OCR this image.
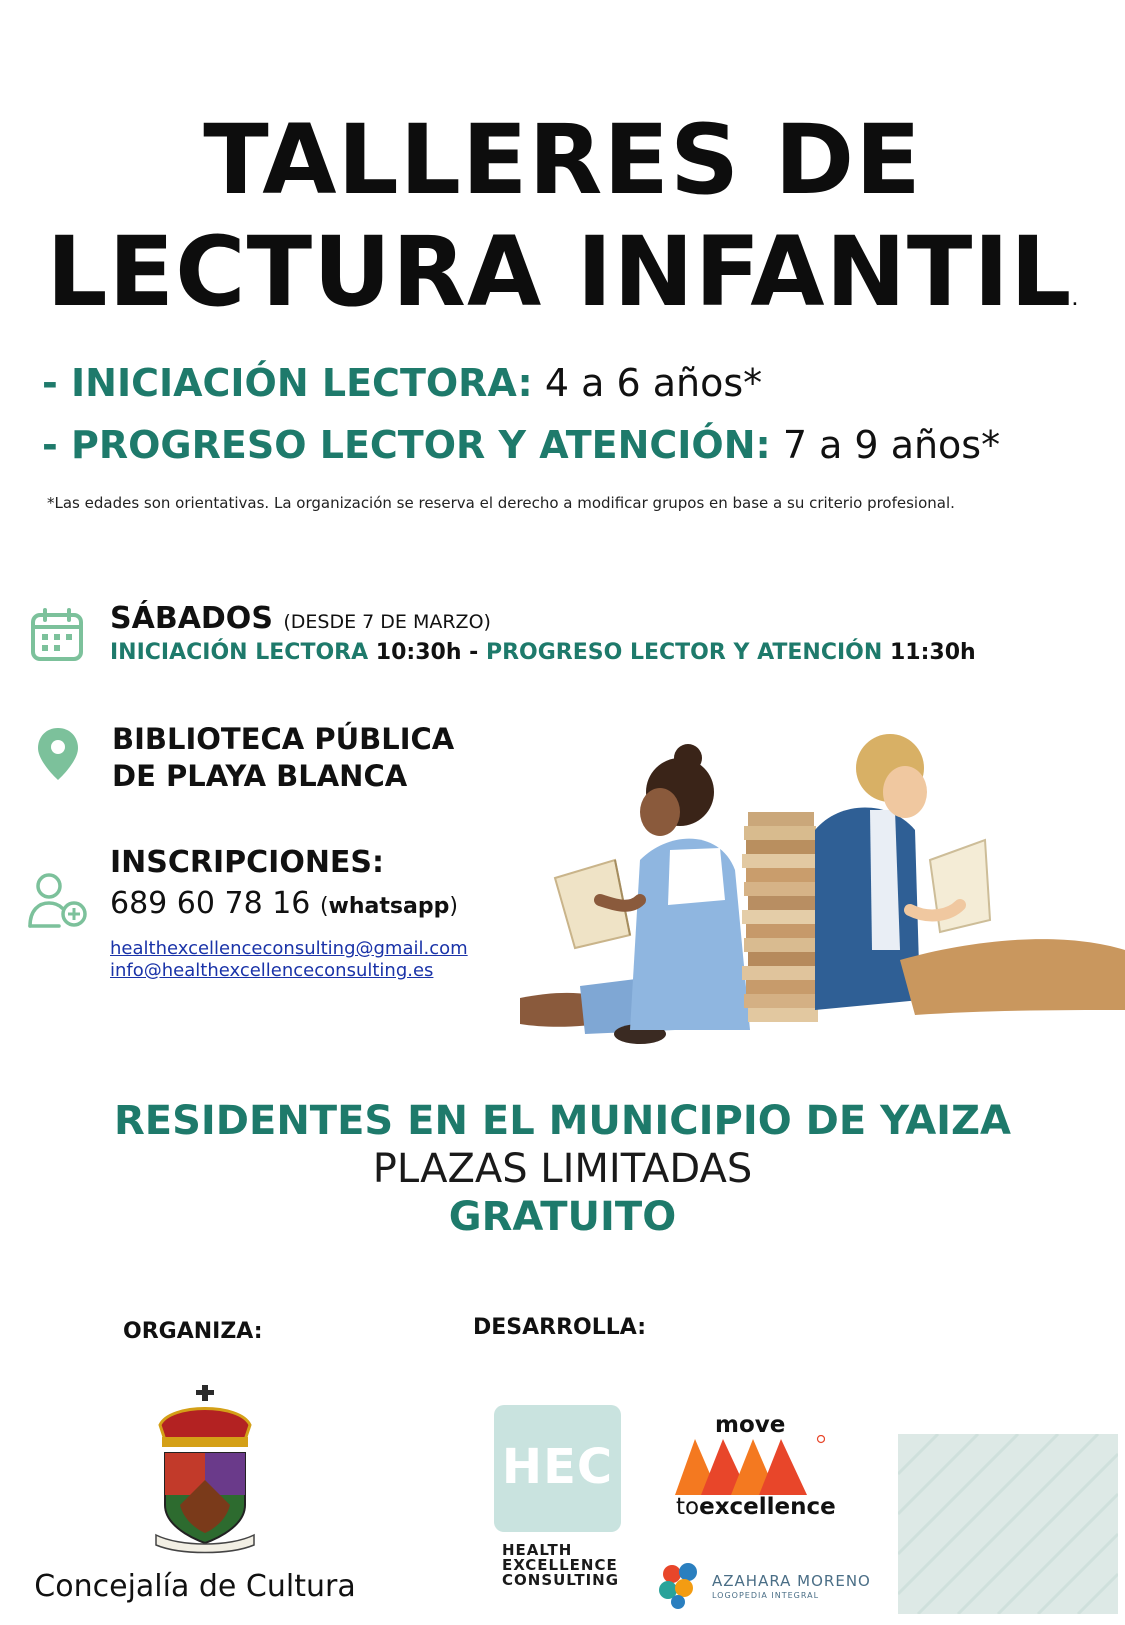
TALLERES DE
LECTURA INFANTIL.
- INICIACIÓN LECTORA: 4 a 6 años*
- PROGRESO LECTOR Y ATENCIÓN: 7 a 9 años*
*Las edades son orientativas. La organización se reserva el derecho a modificar grupos en base a su criterio profesional.
SÁBADOS (DESDE 7 DE MARZO)
INICIACIÓN LECTORA 10:30h - PROGRESO LECTOR Y ATENCIÓN 11:30h
BIBLIOTECA PÚBLICA
DE PLAYA BLANCA
INSCRIPCIONES:
689 60 78 16 (whatsapp)
healthexcellenceconsulting@gmail.com
info@healthexcellenceconsulting.es
RESIDENTES EN EL MUNICIPIO DE YAIZA
PLAZAS LIMITADAS
GRATUITO
ORGANIZA:
Concejalía de Cultura
DESARROLLA:
HEC
HEALTH
EXCELLENCE
CONSULTING
move
toexcellence
AZAHARA MORENO
LOGOPEDIA INTEGRAL
